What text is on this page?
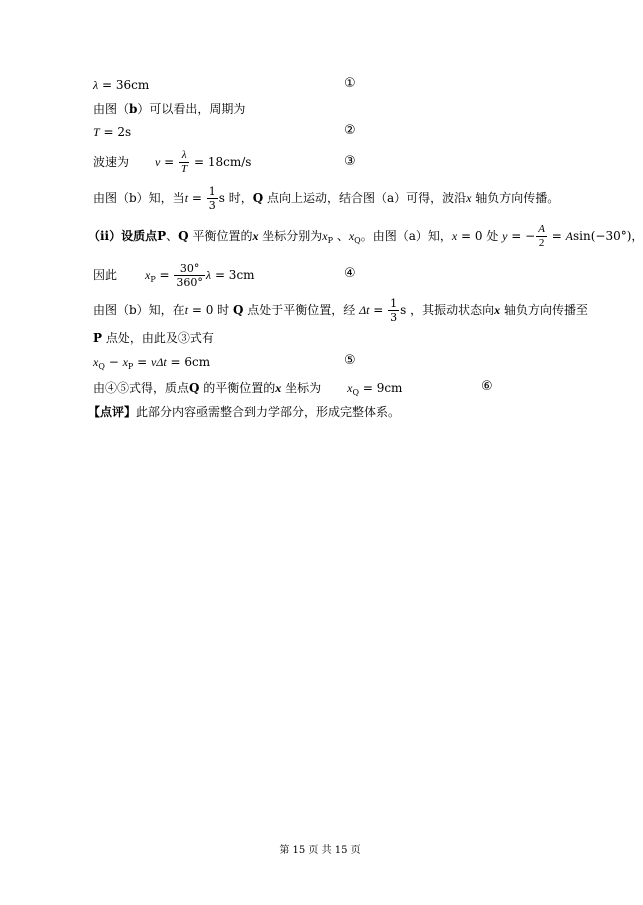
λ = 36cm	①
由图（b）可以看出，周期为
T = 2s	②
波速为 $v = \frac{\lambda}{T} = 18cm/s$	③
由图（b）知，当$t = \frac{1}{3}$ s 时，Q 点向上运动，结合图（a）可得，波沿x 轴负方向传播。
（ii）设质点P、Q 平衡位置的x 坐标分别为$x_P$ 、$x_Q$。由图（a）知，x = 0 处 y = − $\frac{A}{2} = Asin(-30^\circ)$，
因此 $x_P = \frac{30^\circ}{360^\circ}$ λ = 3cm	④
由图（b）知，在t = 0 时 Q 点处于平衡位置，经 $\Delta t = \frac{1}{3}$ s ，其振动状态向x 轴负方向传播至
P 点处，由此及③式有
$x_Q - x_P = v\Delta t = 6cm$	⑤
由④⑤式得，质点Q 的平衡位置的x 坐标为 $x_Q = 9cm$	⑥
【点评】此部分内容亟需整合到力学部分，形成完整体系。
第 15 页 共 15 页
